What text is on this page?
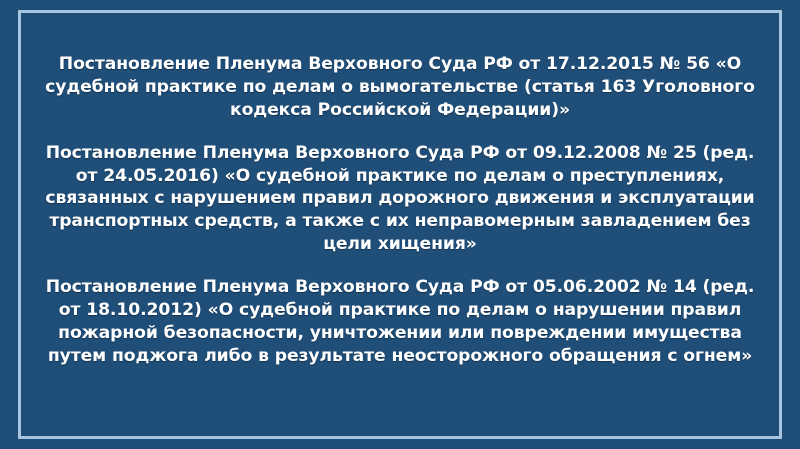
Постановление Пленума Верховного Суда РФ от 17.12.2015 № 56 «О судебной практике по делам о вымогательстве (статья 163 Уголовного кодекса Российской Федерации)»

Постановление Пленума Верховного Суда РФ от 09.12.2008 № 25 (ред. от 24.05.2016) «О судебной практике по делам о преступлениях, связанных с нарушением правил дорожного движения и эксплуатации транспортных средств, а также с их неправомерным завладением без цели хищения»

Постановление Пленума Верховного Суда РФ от 05.06.2002 № 14 (ред. от 18.10.2012) «О судебной практике по делам о нарушении правил пожарной безопасности, уничтожении или повреждении имущества путем поджога либо в результате неосторожного обращения с огнем»
